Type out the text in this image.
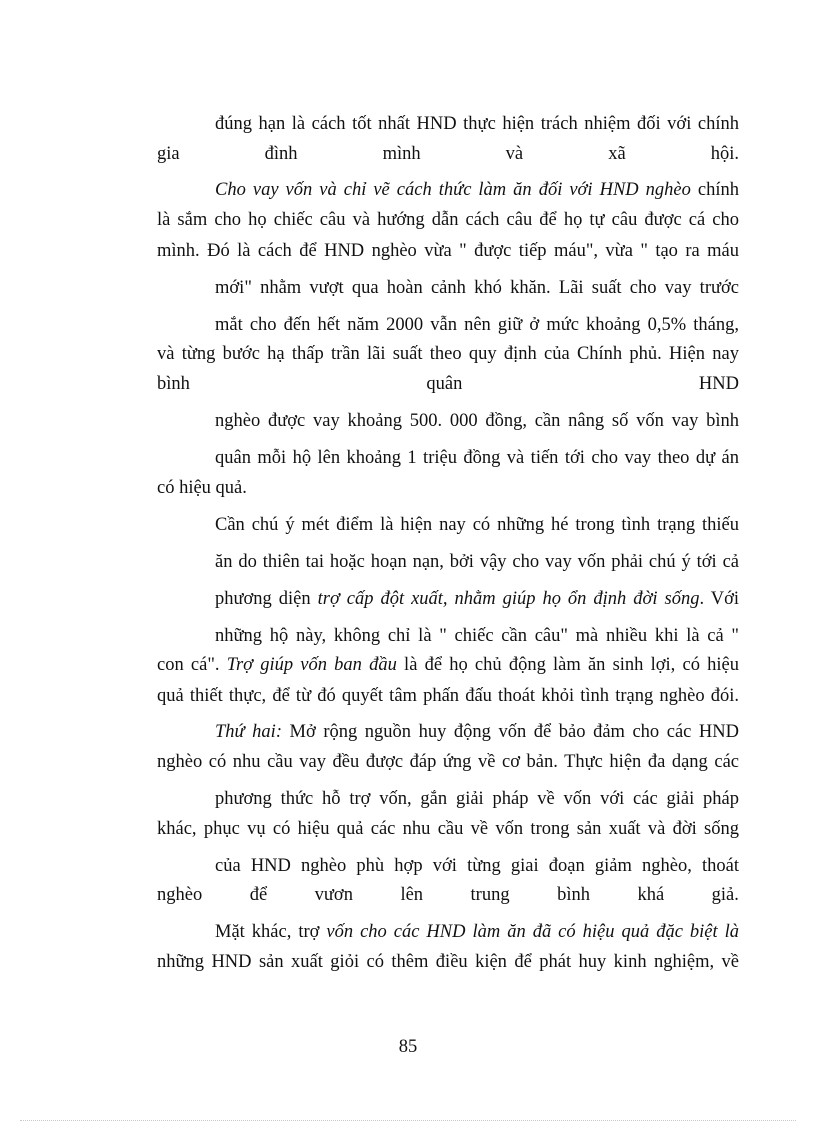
đúng hạn là cách tốt nhất HND thực hiện trách nhiệm đối với chính
gia	đình	mình	và	xã	hội.
Cho vay vốn và chỉ vẽ cách thức làm ăn đối với HND nghèo chính
là sắm cho họ chiếc câu và hướng dẫn cách câu để họ tự câu được cá cho
mình. Đó là cách để HND nghèo vừa " được tiếp máu", vừa " tạo ra máu
mới" nhằm vượt qua hoàn cảnh khó khăn. Lãi suất cho vay trước
mắt cho đến hết năm 2000 vẫn nên giữ ở mức khoảng 0,5% tháng,
và từng bước hạ thấp trần lãi suất theo quy định của Chính phủ. Hiện nay
bình	quân	HND
nghèo được vay khoảng 500. 000 đồng, cần nâng số vốn vay bình
quân mỗi hộ lên khoảng 1 triệu đồng và tiến tới cho vay theo dự án
có hiệu quả.
Cần chú ý mét điểm là hiện nay có những hé trong tình trạng thiếu
ăn do thiên tai hoặc hoạn nạn, bởi vậy cho vay vốn phải chú ý tới cả
phương diện trợ cấp đột xuất, nhằm giúp họ ổn định đời sống. Với
những hộ này, không chỉ là " chiếc cần câu" mà nhiều khi là cả "
con cá". Trợ giúp vốn ban đầu là để họ chủ động làm ăn sinh lợi, có hiệu
quả thiết thực, để từ đó quyết tâm phấn đấu thoát khỏi tình trạng nghèo đói.
Thứ hai: Mở rộng nguồn huy động vốn để bảo đảm cho các HND
nghèo có nhu cầu vay đều được đáp ứng về cơ bản. Thực hiện đa dạng các
phương thức hỗ trợ vốn, gắn giải pháp về vốn với các giải pháp
khác, phục vụ có hiệu quả các nhu cầu về vốn trong sản xuất và đời sống
của HND nghèo phù hợp với từng giai đoạn giảm nghèo, thoát
nghèo	để	vươn	lên	trung	bình	khá	giả.
Mặt khác, trợ vốn cho các HND làm ăn đã có hiệu quả đặc biệt là
những HND sản xuất giỏi có thêm điều kiện để phát huy kinh nghiệm, về
85
